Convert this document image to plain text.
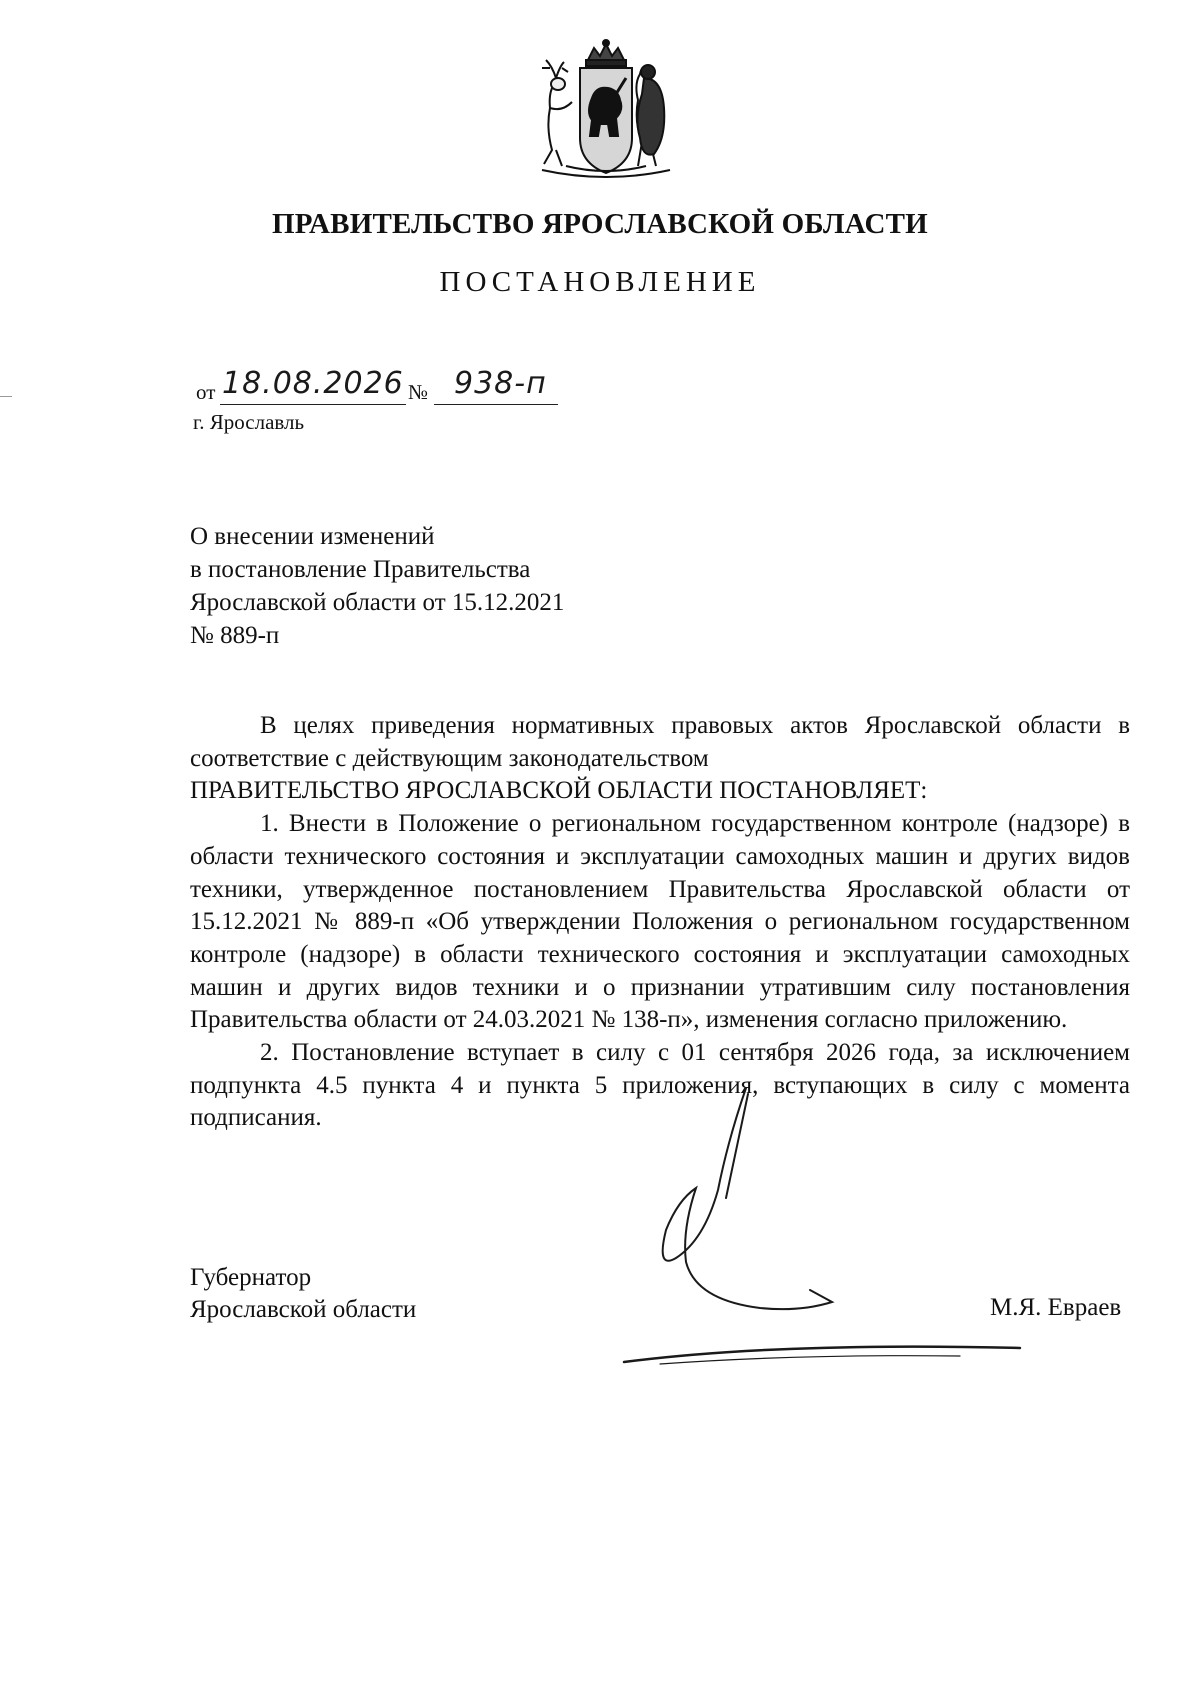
ПРАВИТЕЛЬСТВО ЯРОСЛАВСКОЙ ОБЛАСТИ
ПОСТАНОВЛЕНИЕ
от 18.08.2026 № 938-п
г. Ярославль
О внесении изменений
в постановление Правительства
Ярославской области от 15.12.2021
№ 889-п
В целях приведения нормативных правовых актов Ярославской области в соответствие с действующим законодательством
ПРАВИТЕЛЬСТВО ЯРОСЛАВСКОЙ ОБЛАСТИ ПОСТАНОВЛЯЕТ:
1. Внести в Положение о региональном государственном контроле (надзоре) в области технического состояния и эксплуатации самоходных машин и других видов техники, утвержденное постановлением Правительства Ярославской области от 15.12.2021 № 889-п «Об утверждении Положения о региональном государственном контроле (надзоре) в области технического состояния и эксплуатации самоходных машин и других видов техники и о признании утратившим силу постановления Правительства области от 24.03.2021 № 138-п», изменения согласно приложению.
2. Постановление вступает в силу с 01 сентября 2026 года, за исключением подпункта 4.5 пункта 4 и пункта 5 приложения, вступающих в силу с момента подписания.
Губернатор
Ярославской области	М.Я. Евраев
